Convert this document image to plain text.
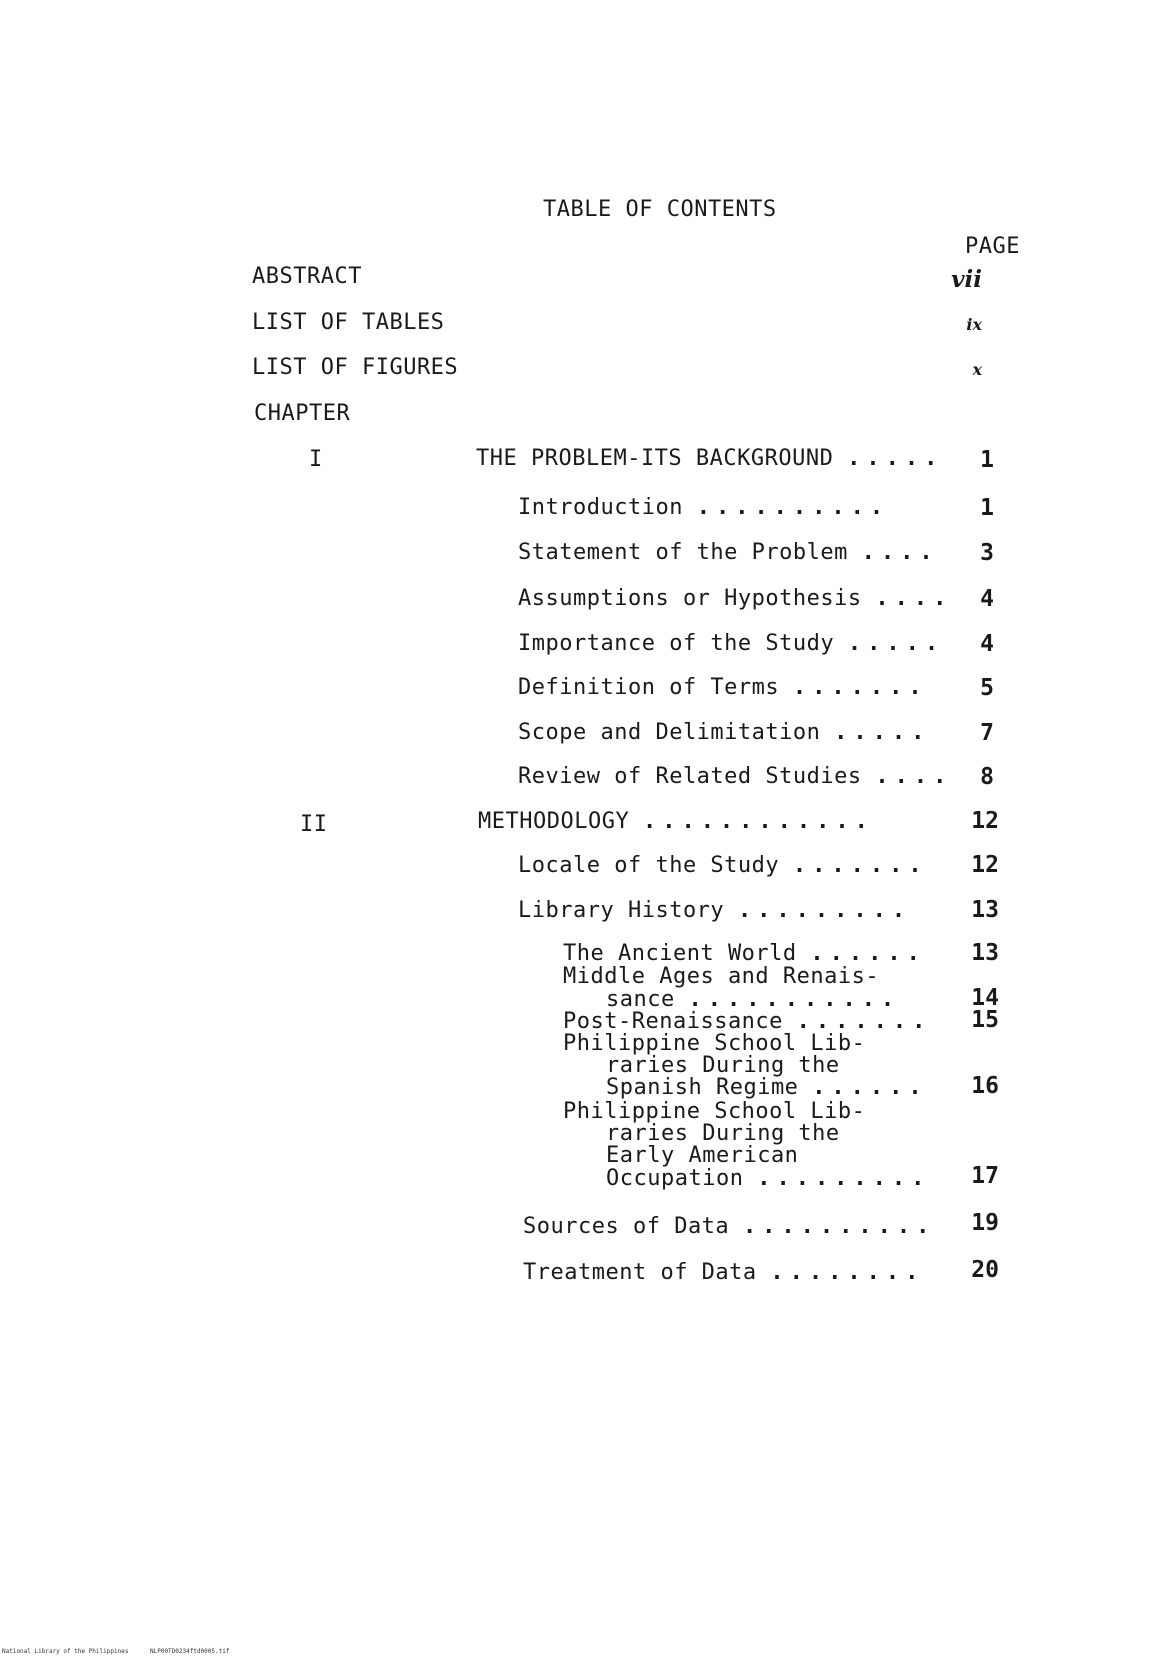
TABLE OF CONTENTS
PAGE
ABSTRACT	vii
LIST OF TABLES	ix
LIST OF FIGURES	x
CHAPTER
I	THE PROBLEM-ITS BACKGROUND .....	1
Introduction ..........	1
Statement of the Problem ....	3
Assumptions or Hypothesis ....	4
Importance of the Study .....	4
Definition of Terms .......	5
Scope and Delimitation .....	7
Review of Related Studies ....	8
II	METHODOLOGY ............	12
Locale of the Study .......	12
Library History .........	13
The Ancient World ......	13
Middle Ages and Renais-
sance ...........	14
Post-Renaissance .......	15
Philippine School Lib-
raries During the
Spanish Regime ......	16
Philippine School Lib-
raries During the
Early American
Occupation .........	17
Sources of Data ..........	19
Treatment of Data ........	20
National Library of the Philippines	NLP00TD0234ftd0005.tif
